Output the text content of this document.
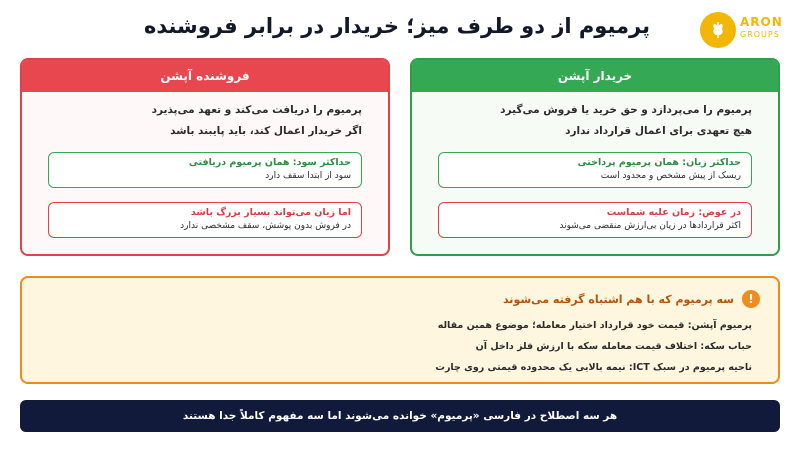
پرمیوم از دو طرف میز؛ خریدار در برابر فروشنده	ARON
GROUPS
فروشنده آپشن
پرمیوم را دریافت می‌کند و تعهد می‌پذیرد
اگر خریدار اعمال کند، باید پایبند باشد
حداکثر سود: همان پرمیوم دریافتی
سود از ابتدا سقف دارد
اما زیان می‌تواند بسیار بزرگ باشد
در فروش بدون پوشش، سقف مشخصی ندارد
خریدار آپشن
پرمیوم را می‌پردازد و حق خرید یا فروش می‌گیرد
هیچ تعهدی برای اعمال قرارداد ندارد
حداکثر زیان: همان پرمیوم پرداختی
ریسک از پیش مشخص و محدود است
در عوض: زمان علیه شماست
اکثر قراردادها در زیان بی‌ارزش منقضی می‌شوند
!
سه پرمیوم که با هم اشتباه گرفته می‌شوند
پرمیوم آپشن: قیمت خود قرارداد اختیار معامله؛ موضوع همین مقاله
حباب سکه: اختلاف قیمت معامله سکه با ارزش فلز داخل آن
ناحیه پرمیوم در سبک ICT: نیمه بالایی یک محدوده قیمتی روی چارت
هر سه اصطلاح در فارسی «پرمیوم» خوانده می‌شوند اما سه مفهوم کاملاً جدا هستند
